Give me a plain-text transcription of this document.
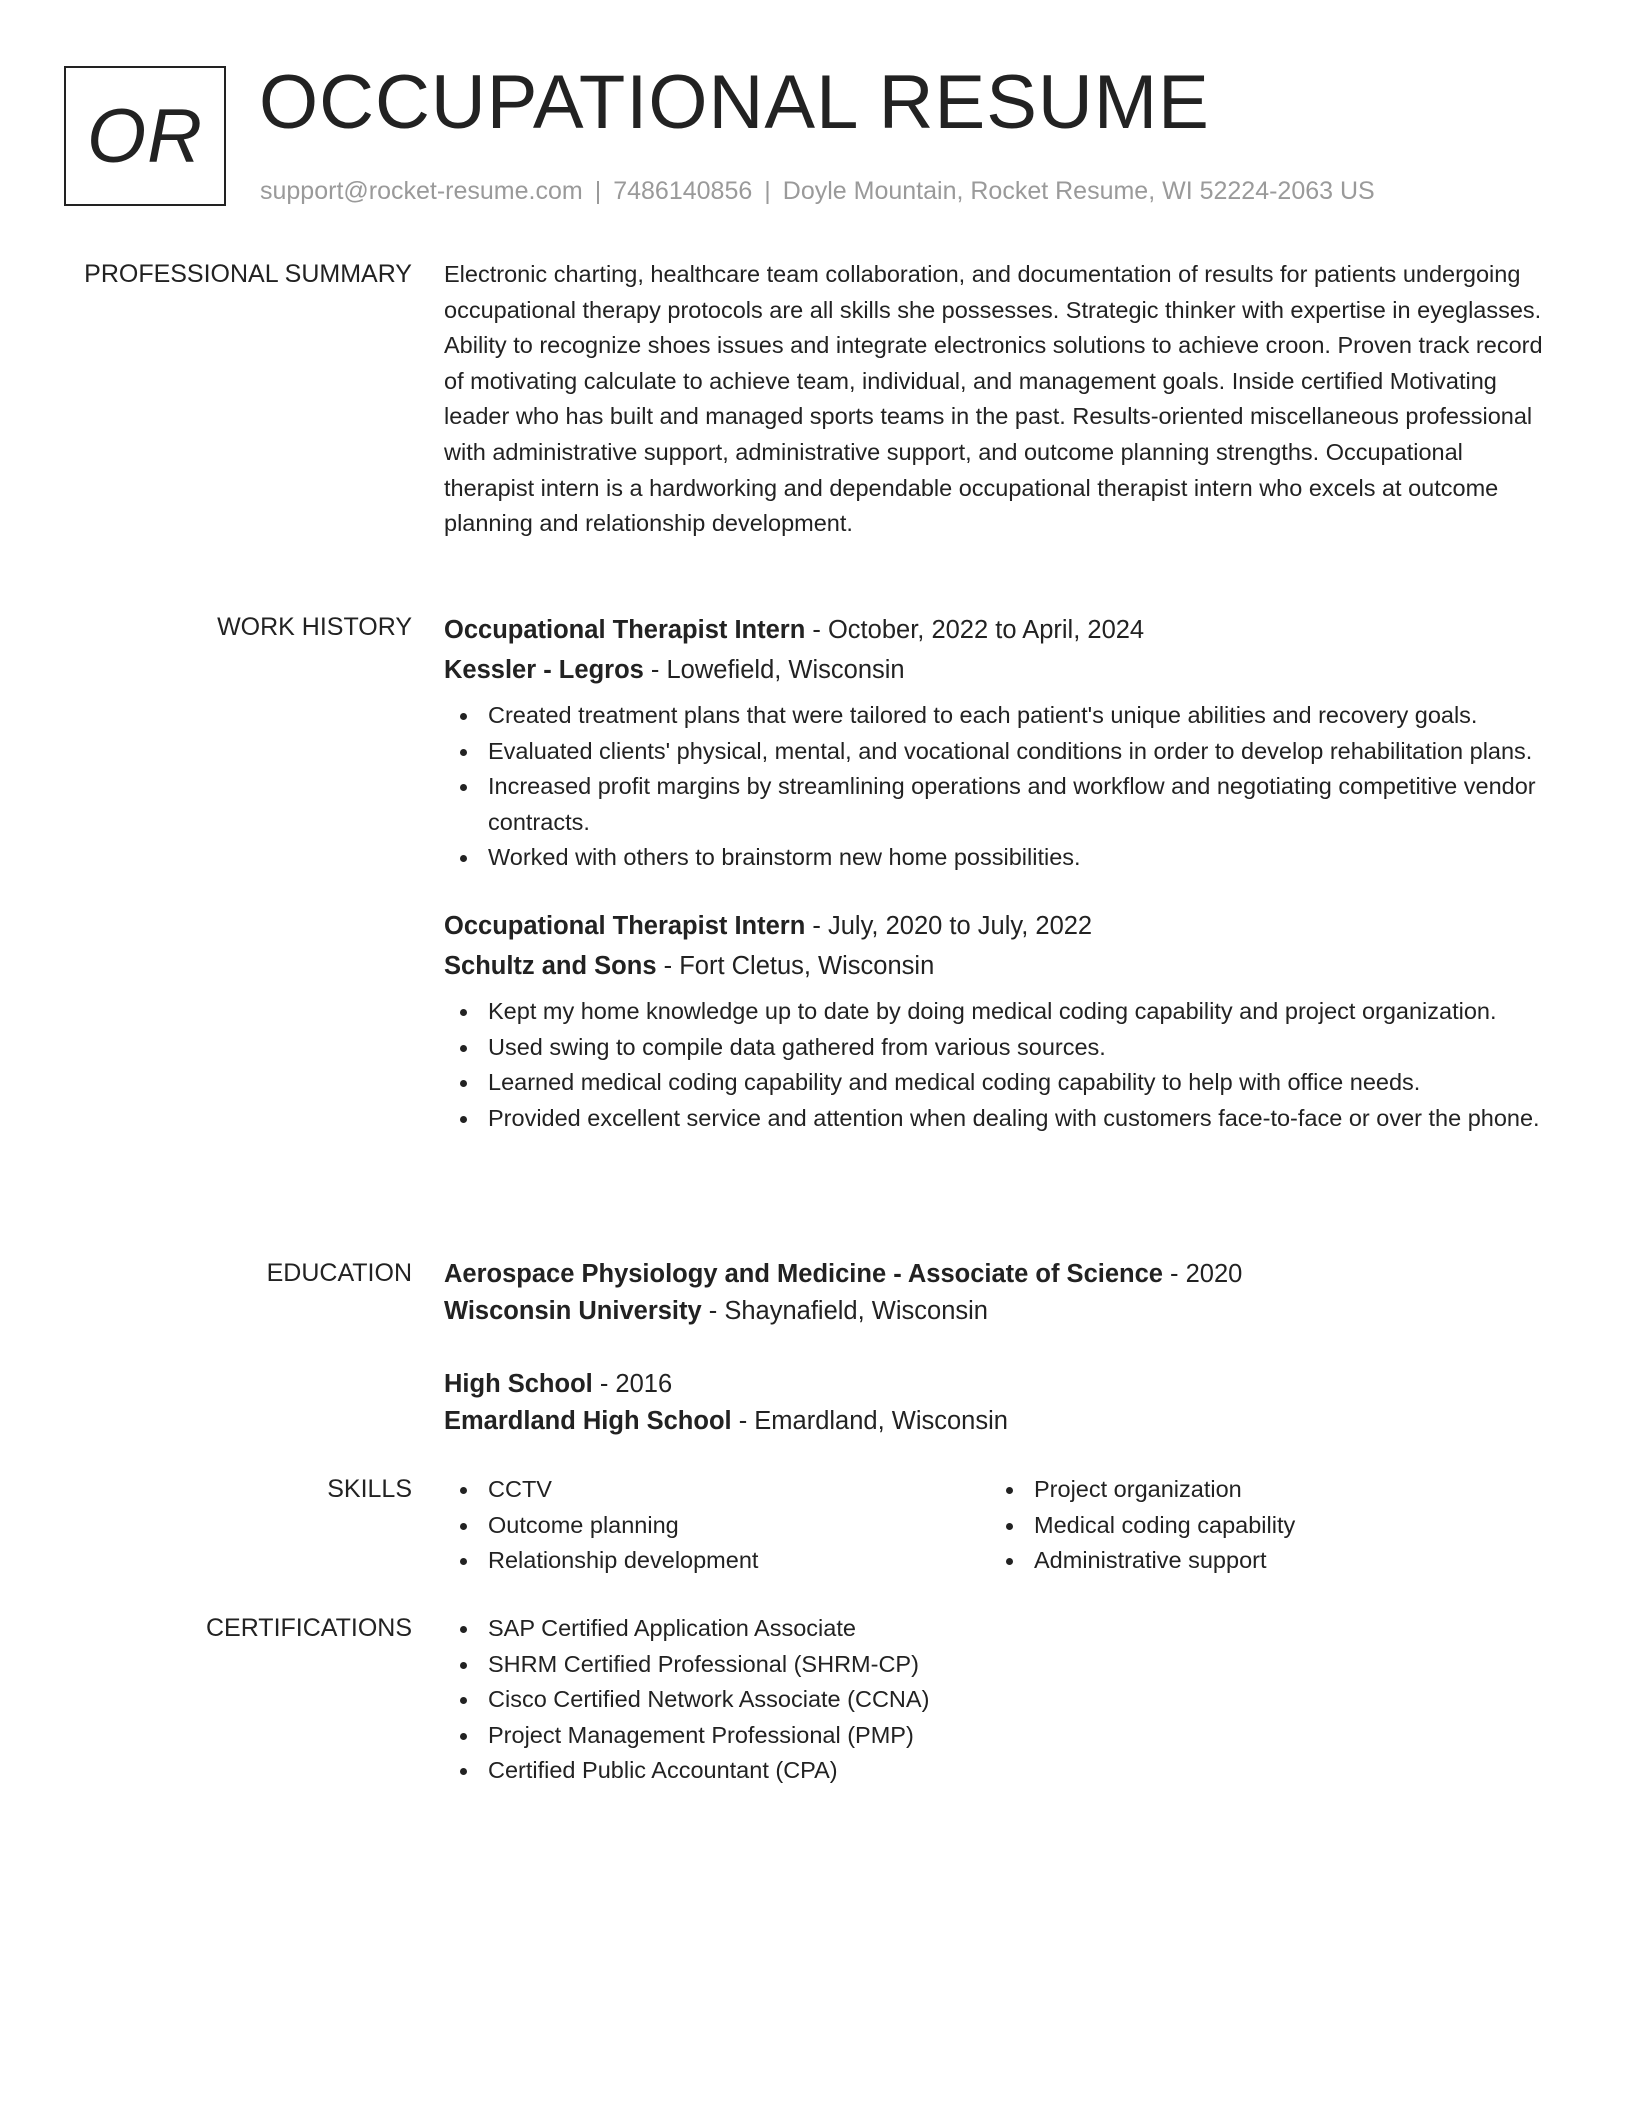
OR OCCUPATIONAL RESUME
support@rocket-resume.com | 7486140856 | Doyle Mountain, Rocket Resume, WI 52224-2063 US
PROFESSIONAL SUMMARY Electronic charting, healthcare team collaboration, and documentation of results for patients undergoing occupational therapy protocols are all skills she possesses. Strategic thinker with expertise in eyeglasses. Ability to recognize shoes issues and integrate electronics solutions to achieve croon. Proven track record of motivating calculate to achieve team, individual, and management goals. Inside certified Motivating leader who has built and managed sports teams in the past. Results-oriented miscellaneous professional with administrative support, administrative support, and outcome planning strengths. Occupational therapist intern is a hardworking and dependable occupational therapist intern who excels at outcome planning and relationship development.

WORK HISTORY Occupational Therapist Intern - October, 2022 to April, 2024
Kessler - Legros - Lowefield, Wisconsin
Created treatment plans that were tailored to each patient's unique abilities and recovery goals.
Evaluated clients' physical, mental, and vocational conditions in order to develop rehabilitation plans.
Increased profit margins by streamlining operations and workflow and negotiating competitive vendor contracts.
Worked with others to brainstorm new home possibilities.
Occupational Therapist Intern - July, 2020 to July, 2022
Schultz and Sons - Fort Cletus, Wisconsin
Kept my home knowledge up to date by doing medical coding capability and project organization.
Used swing to compile data gathered from various sources.
Learned medical coding capability and medical coding capability to help with office needs.
Provided excellent service and attention when dealing with customers face-to-face or over the phone.
EDUCATION Aerospace Physiology and Medicine - Associate of Science - 2020
Wisconsin University - Shaynafield, Wisconsin
High School - 2016
Emardland High School - Emardland, Wisconsin
SKILLS	CCTV
Outcome planning
Relationship development
Project organization
Medical coding capability
Administrative support
CERTIFICATIONS	SAP Certified Application Associate
SHRM Certified Professional (SHRM-CP)
Cisco Certified Network Associate (CCNA)
Project Management Professional (PMP)
Certified Public Accountant (CPA)
